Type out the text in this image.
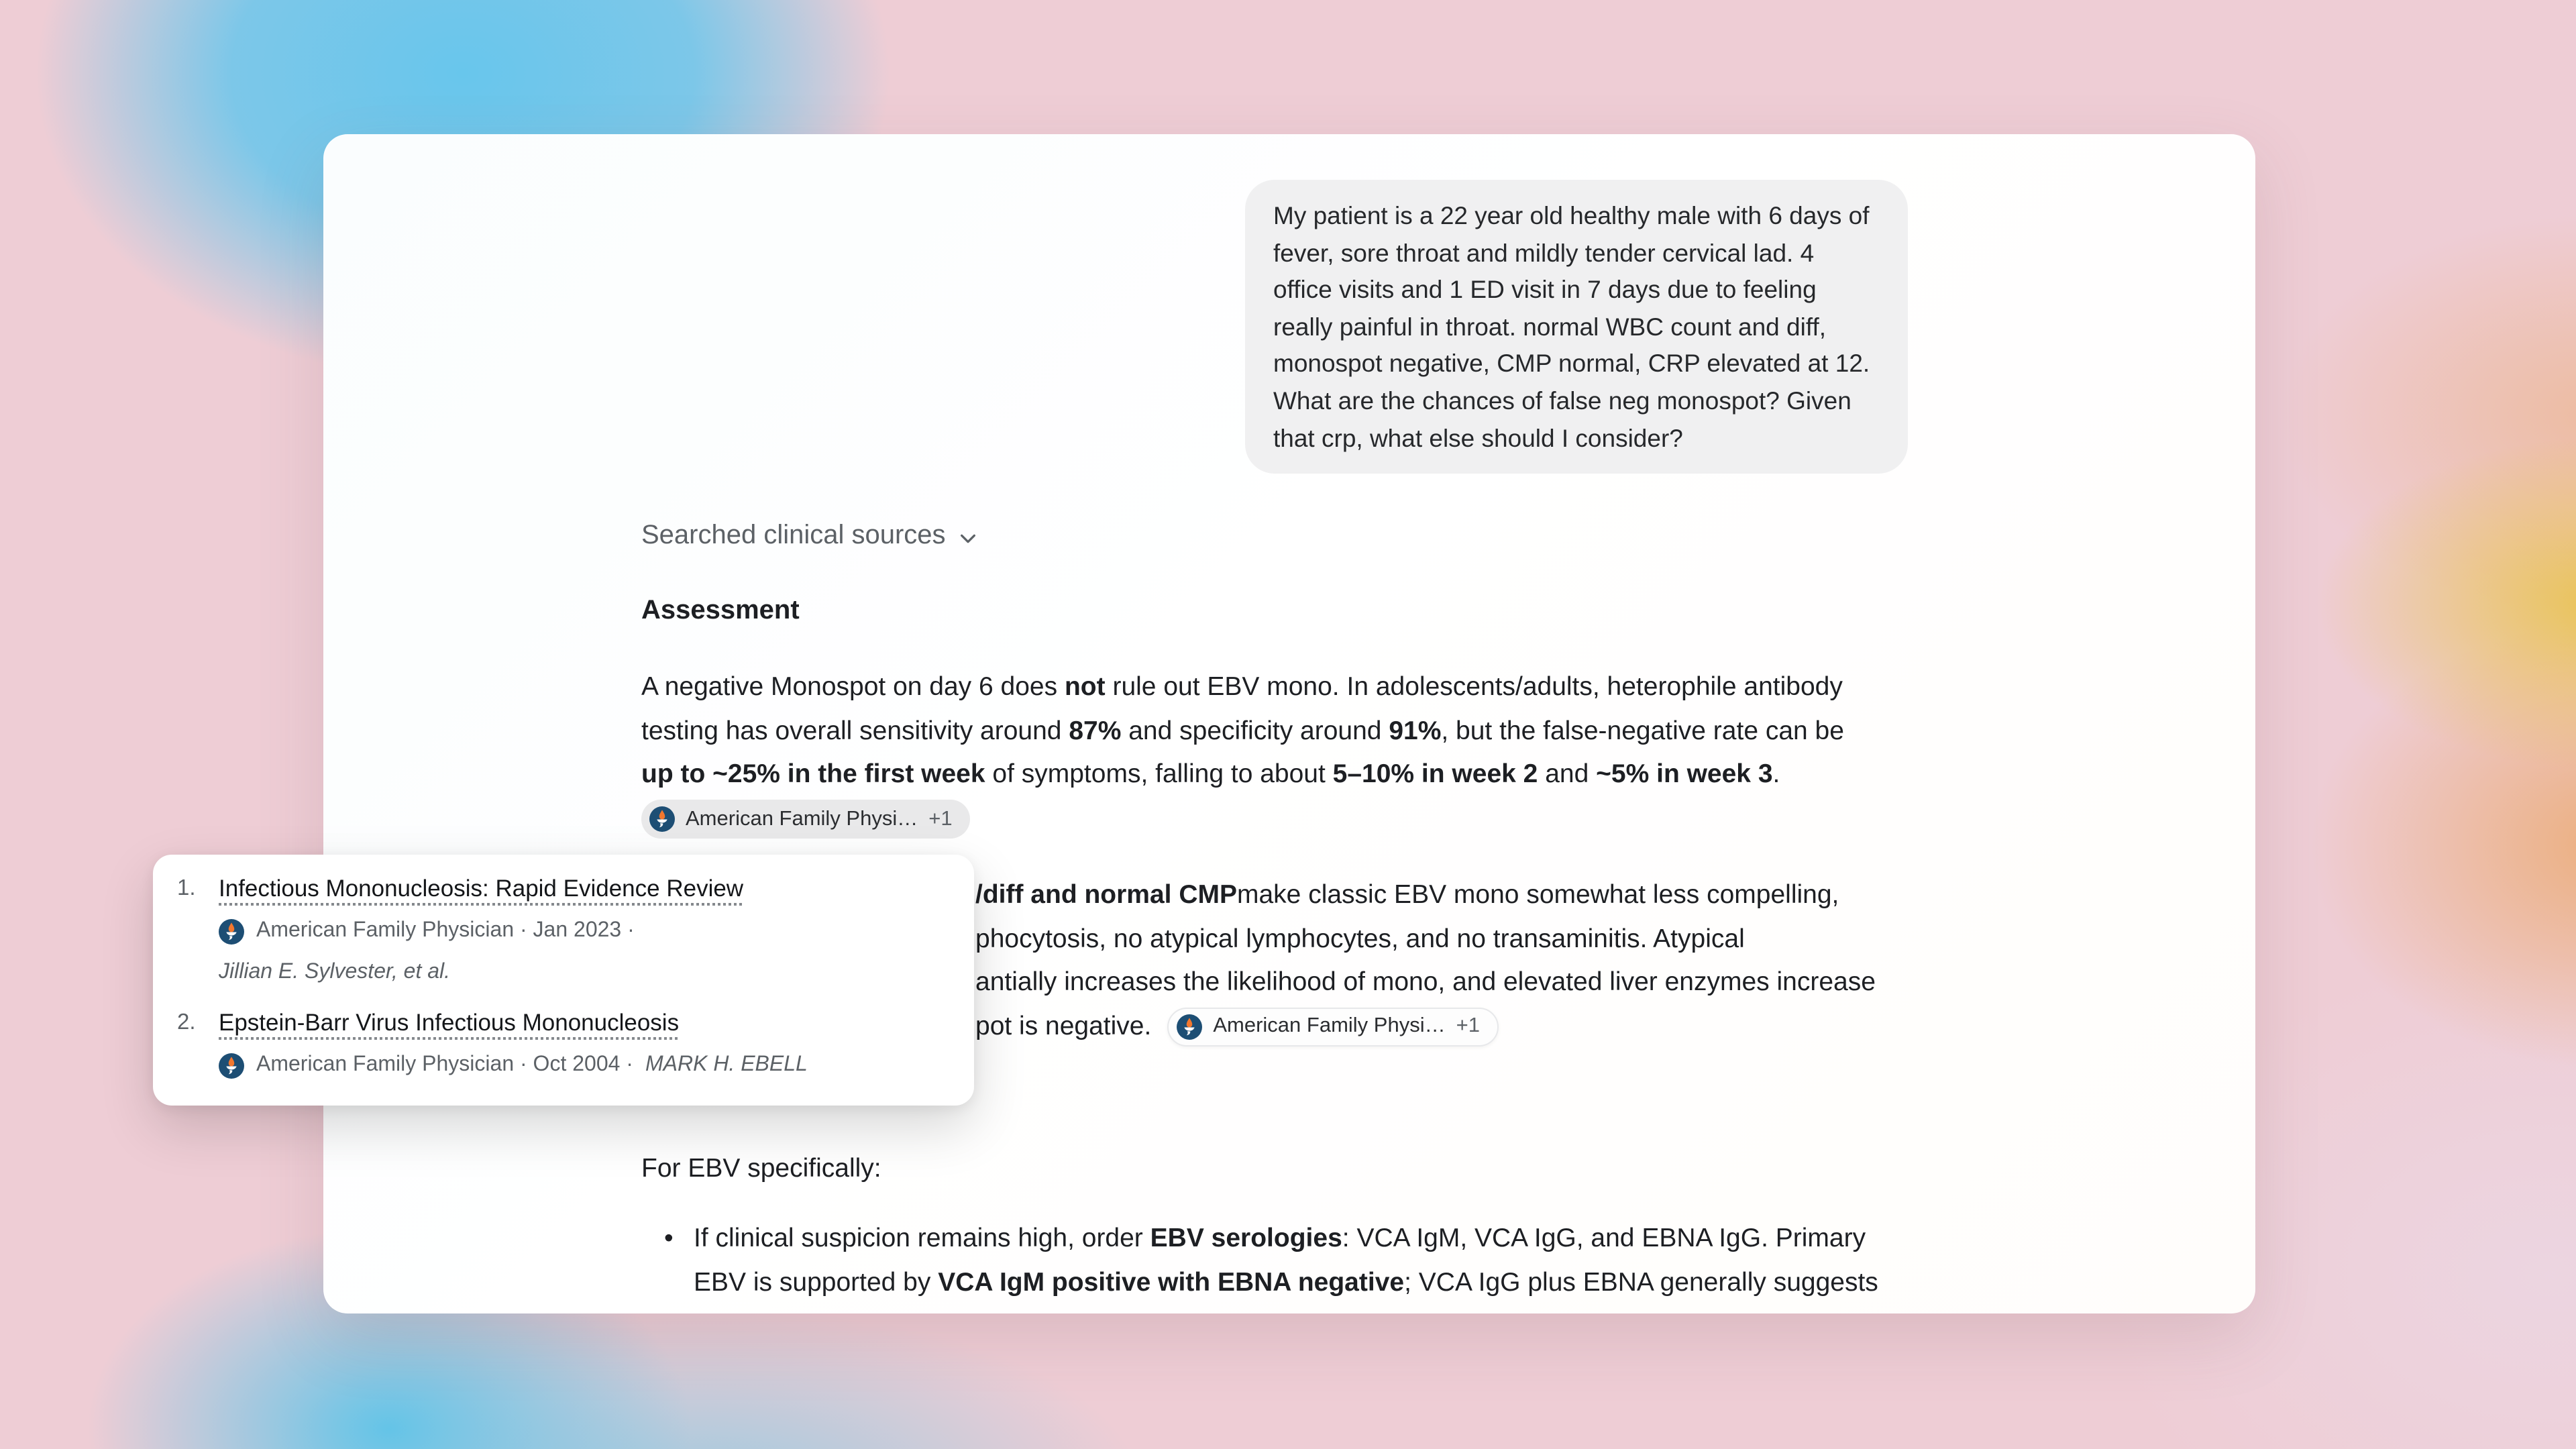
My patient is a 22 year old healthy male with 6 days of fever, sore throat and mildly tender cervical lad. 4 office visits and 1 ED visit in 7 days due to feeling really painful in throat. normal WBC count and diff, monospot negative, CMP normal, CRP elevated at 12. What are the chances of false neg monospot? Given that crp, what else should I consider?
Searched clinical sources
Assessment
A negative Monospot on day 6 does not rule out EBV mono. In adolescents/adults, heterophile antibody
testing has overall sensitivity around 87% and specificity around 91%, but the false-negative rate can be
up to ~25% in the first week of symptoms, falling to about 5–10% in week 2 and ~5% in week 3.
American Family Physi… +1
/diff and normal CMP make classic EBV mono somewhat less compelling,
phocytosis, no atypical lymphocytes, and no transaminitis. Atypical
antially increases the likelihood of mono, and elevated liver enzymes increase
pot is negative.	American Family Physi… +1
For EBV specifically:
• If clinical suspicion remains high, order EBV serologies: VCA IgM, VCA IgG, and EBNA IgG. Primary
EBV is supported by VCA IgM positive with EBNA negative; VCA IgG plus EBNA generally suggests
1.	Infectious Mononucleosis: Rapid Evidence Review
American Family Physician · Jan 2023 ·
Jillian E. Sylvester, et al.
2.	Epstein-Barr Virus Infectious Mononucleosis
American Family Physician · Oct 2004 · MARK H. EBELL
